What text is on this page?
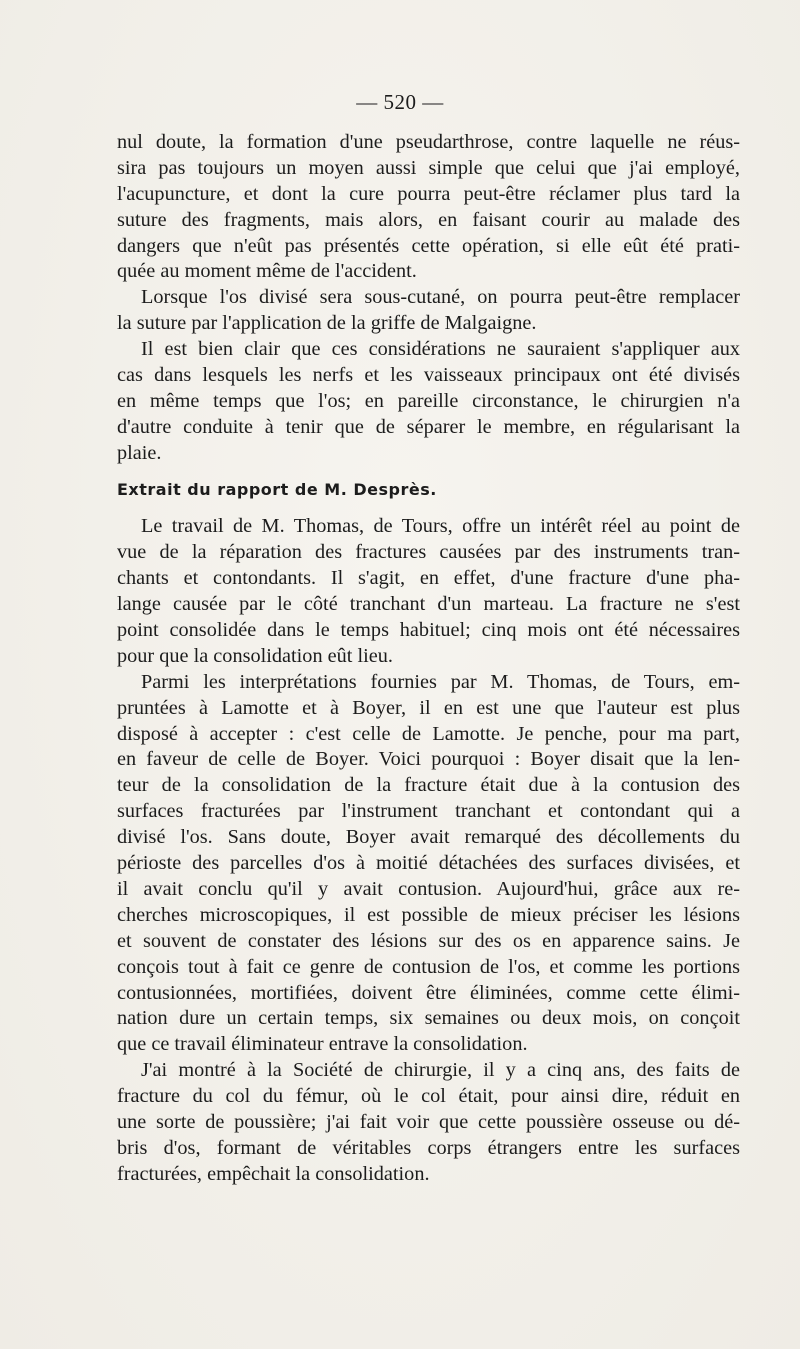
— 520 —
nul doute, la formation d'une pseudarthrose, contre laquelle ne réus-
sira pas toujours un moyen aussi simple que celui que j'ai employé,
l'acupuncture, et dont la cure pourra peut-être réclamer plus tard la
suture des fragments, mais alors, en faisant courir au malade des
dangers que n'eût pas présentés cette opération, si elle eût été prati-
quée au moment même de l'accident.
Lorsque l'os divisé sera sous-cutané, on pourra peut-être remplacer
la suture par l'application de la griffe de Malgaigne.
Il est bien clair que ces considérations ne sauraient s'appliquer aux
cas dans lesquels les nerfs et les vaisseaux principaux ont été divisés
en même temps que l'os; en pareille circonstance, le chirurgien n'a
d'autre conduite à tenir que de séparer le membre, en régularisant la
plaie.
Extrait du rapport de M. Desprès.
Le travail de M. Thomas, de Tours, offre un intérêt réel au point de
vue de la réparation des fractures causées par des instruments tran-
chants et contondants. Il s'agit, en effet, d'une fracture d'une pha-
lange causée par le côté tranchant d'un marteau. La fracture ne s'est
point consolidée dans le temps habituel; cinq mois ont été nécessaires
pour que la consolidation eût lieu.
Parmi les interprétations fournies par M. Thomas, de Tours, em-
pruntées à Lamotte et à Boyer, il en est une que l'auteur est plus
disposé à accepter : c'est celle de Lamotte. Je penche, pour ma part,
en faveur de celle de Boyer. Voici pourquoi : Boyer disait que la len-
teur de la consolidation de la fracture était due à la contusion des
surfaces fracturées par l'instrument tranchant et contondant qui a
divisé l'os. Sans doute, Boyer avait remarqué des décollements du
périoste des parcelles d'os à moitié détachées des surfaces divisées, et
il avait conclu qu'il y avait contusion. Aujourd'hui, grâce aux re-
cherches microscopiques, il est possible de mieux préciser les lésions
et souvent de constater des lésions sur des os en apparence sains. Je
conçois tout à fait ce genre de contusion de l'os, et comme les portions
contusionnées, mortifiées, doivent être éliminées, comme cette élimi-
nation dure un certain temps, six semaines ou deux mois, on conçoit
que ce travail éliminateur entrave la consolidation.
J'ai montré à la Société de chirurgie, il y a cinq ans, des faits de
fracture du col du fémur, où le col était, pour ainsi dire, réduit en
une sorte de poussière; j'ai fait voir que cette poussière osseuse ou dé-
bris d'os, formant de véritables corps étrangers entre les surfaces
fracturées, empêchait la consolidation.
